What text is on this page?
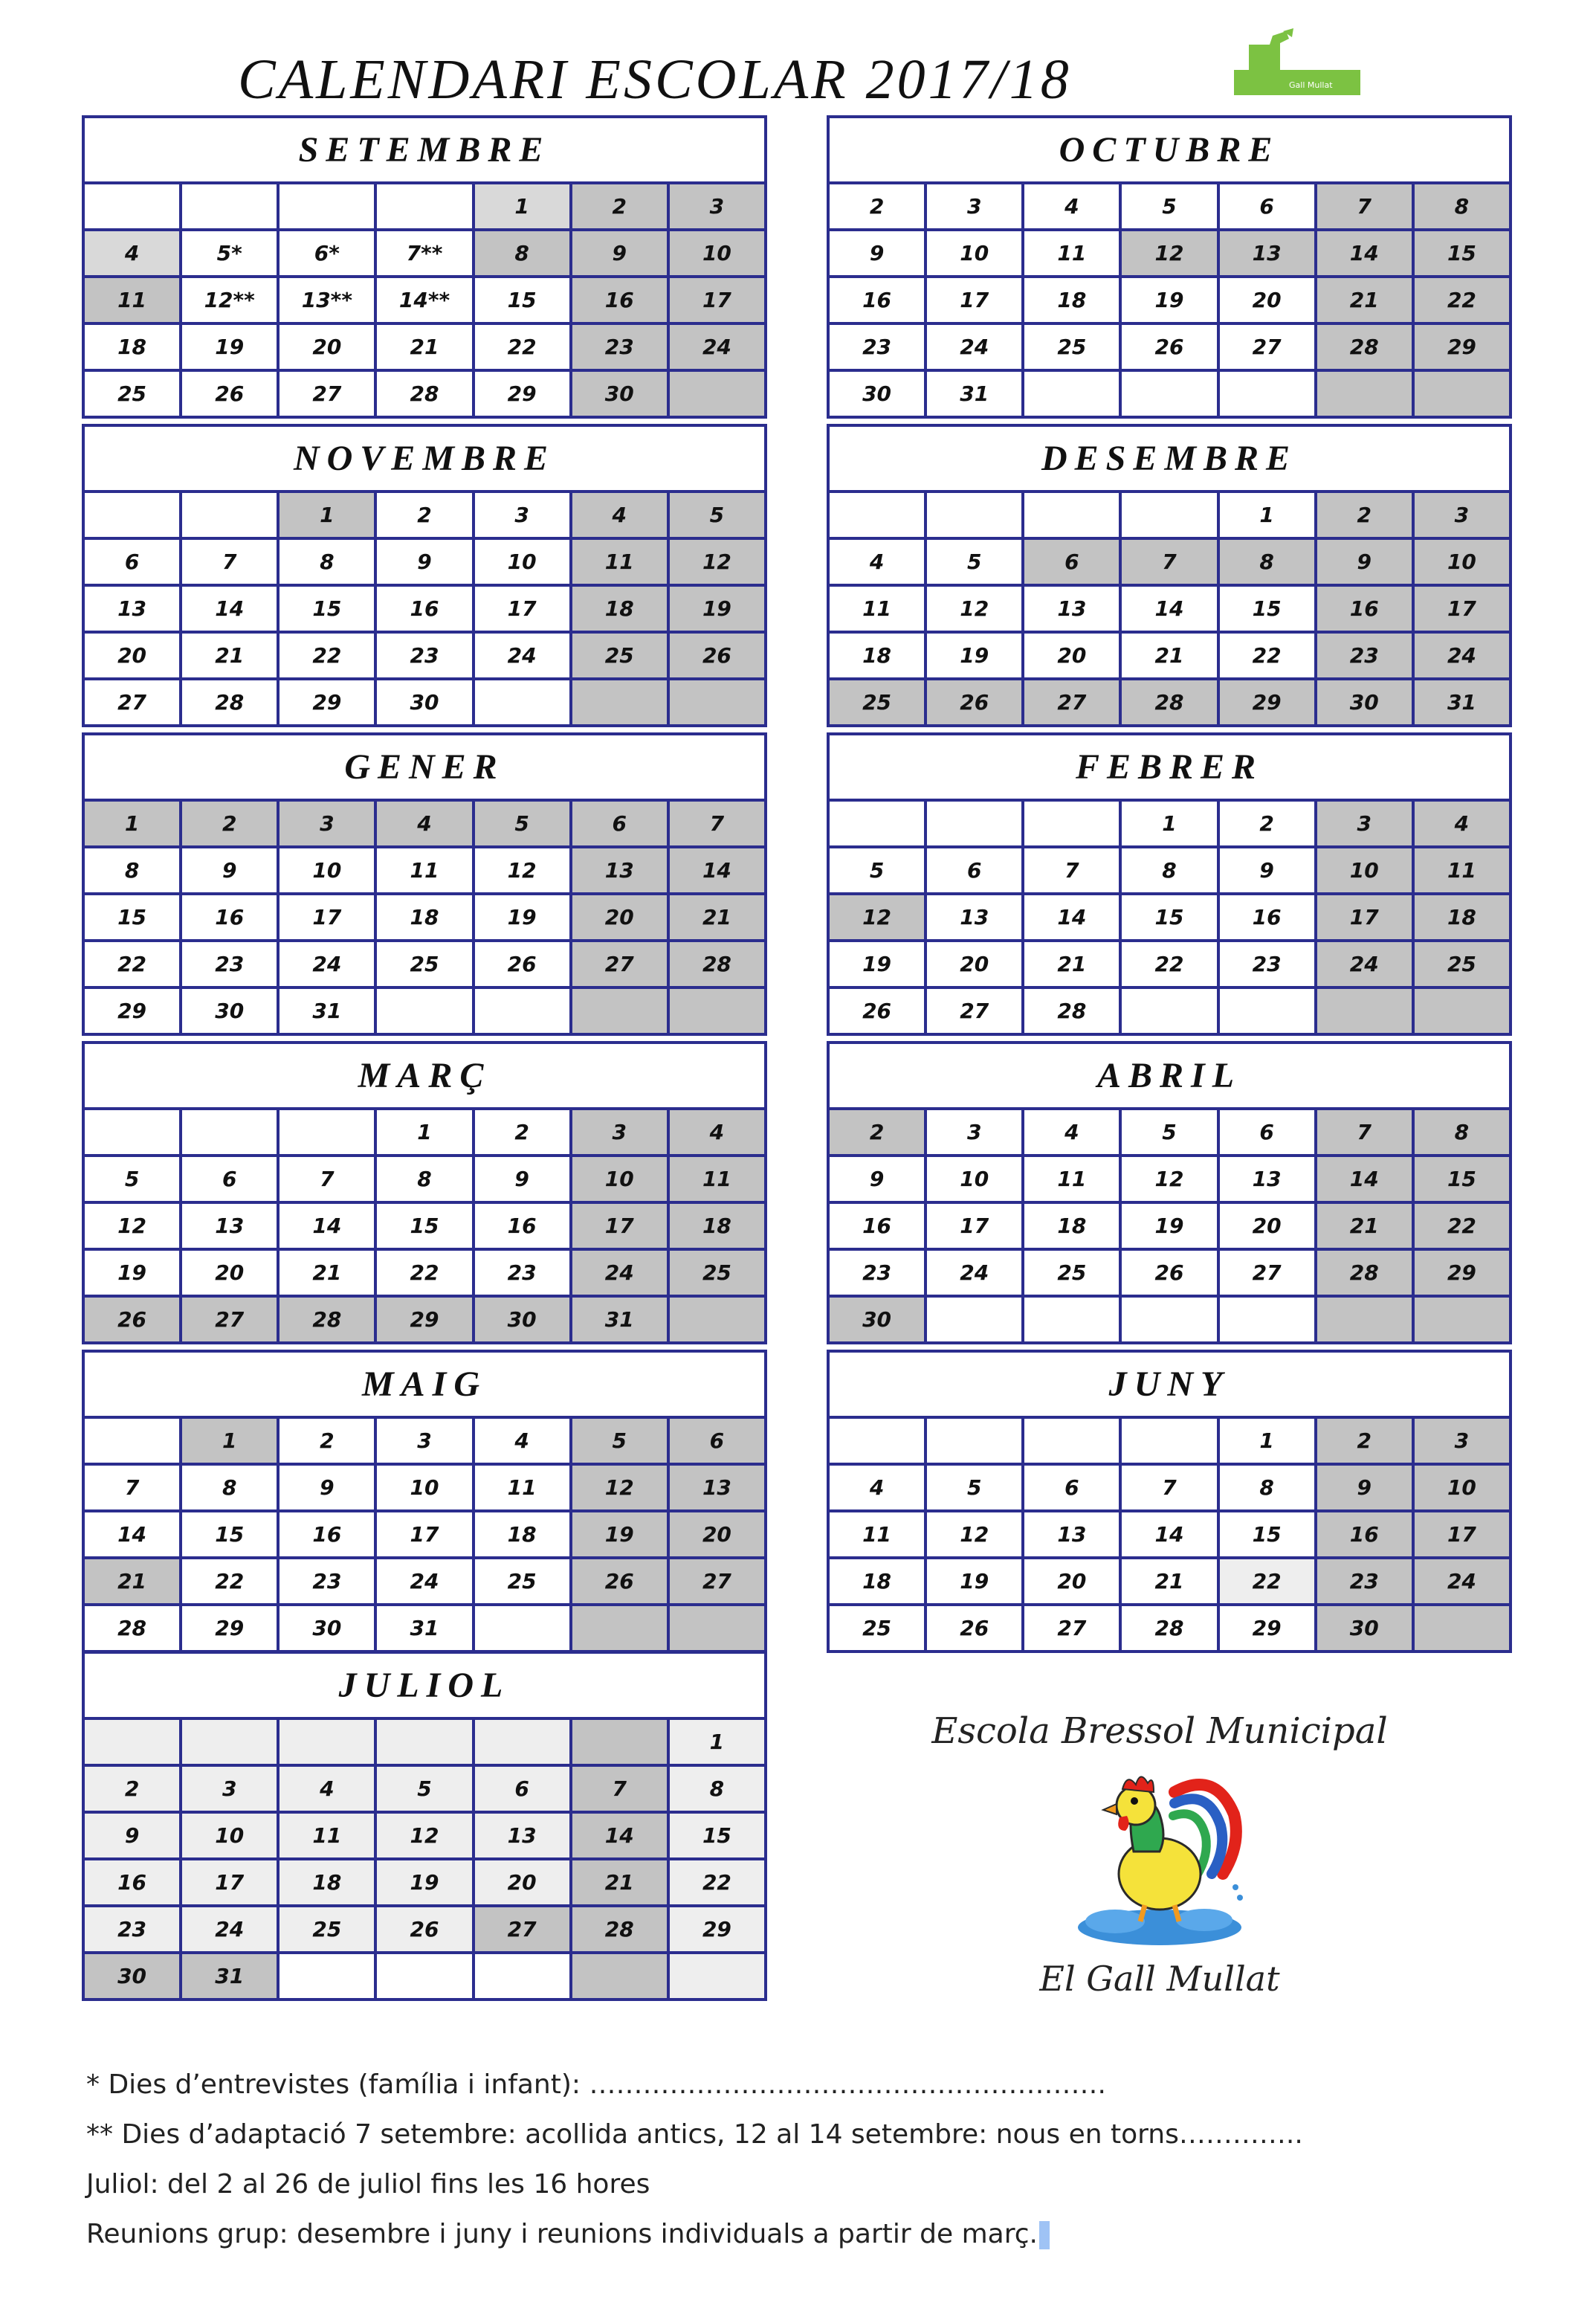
CALENDARI ESCOLAR 2017/18	Gall Mullat
SETEMBRE
				1	2	3
4	5*	6*	7**	8	9	10
11	12**	13**	14**	15	16	17
18	19	20	21	22	23	24
25	26	27	28	29	30	
OCTUBRE
2	3	4	5	6	7	8
9	10	11	12	13	14	15
16	17	18	19	20	21	22
23	24	25	26	27	28	29
30	31					
NOVEMBRE
		1	2	3	4	5
6	7	8	9	10	11	12
13	14	15	16	17	18	19
20	21	22	23	24	25	26
27	28	29	30			
DESEMBRE
				1	2	3
4	5	6	7	8	9	10
11	12	13	14	15	16	17
18	19	20	21	22	23	24
25	26	27	28	29	30	31
GENER
1	2	3	4	5	6	7
8	9	10	11	12	13	14
15	16	17	18	19	20	21
22	23	24	25	26	27	28
29	30	31				
FEBRER
			1	2	3	4
5	6	7	8	9	10	11
12	13	14	15	16	17	18
19	20	21	22	23	24	25
26	27	28				
MARÇ
			1	2	3	4
5	6	7	8	9	10	11
12	13	14	15	16	17	18
19	20	21	22	23	24	25
26	27	28	29	30	31	
ABRIL
2	3	4	5	6	7	8
9	10	11	12	13	14	15
16	17	18	19	20	21	22
23	24	25	26	27	28	29
30						
MAIG
	1	2	3	4	5	6
7	8	9	10	11	12	13
14	15	16	17	18	19	20
21	22	23	24	25	26	27
28	29	30	31			
JUNY
				1	2	3
4	5	6	7	8	9	10
11	12	13	14	15	16	17
18	19	20	21	22	23	24
25	26	27	28	29	30	
JULIOL
						1
2	3	4	5	6	7	8
9	10	11	12	13	14	15
16	17	18	19	20	21	22
23	24	25	26	27	28	29
30	31					
Escola Bressol Municipal
El Gall Mullat
* Dies d’entrevistes (família i infant): ………………………………………………….
** Dies d’adaptació 7 setembre: acollida antics, 12 al 14 setembre: nous en torns…………..
Juliol: del 2 al 26 de juliol fins les 16 hores
Reunions grup: desembre i juny i reunions individuals a partir de març.
